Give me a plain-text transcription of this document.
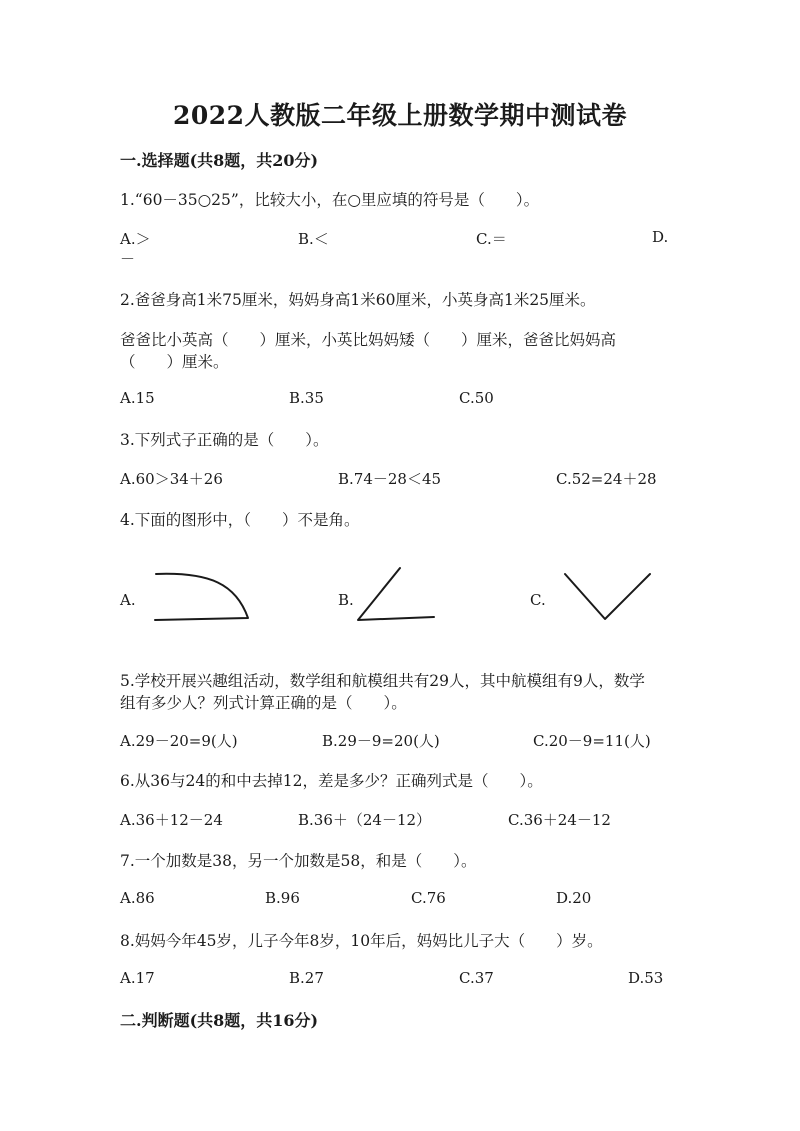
2022人教版二年级上册数学期中测试卷
一.选择题(共8题，共20分)
1.“60－35○25”，比较大小，在○里应填的符号是（　　）。
A.＞	B.＜	C.＝	D.
－
2.爸爸身高1米75厘米，妈妈身高1米60厘米，小英身高1米25厘米。
爸爸比小英高（　　）厘米，小英比妈妈矮（　　）厘米，爸爸比妈妈高
（　　）厘米。
A.15	B.35	C.50
3.下列式子正确的是（　　）。
A.60＞34＋26	B.74－28＜45	C.52=24＋28
4.下面的图形中，（　　）不是角。
A.	B.	C.
5.学校开展兴趣组活动，数学组和航模组共有29人，其中航模组有9人，数学
组有多少人？列式计算正确的是（　　）。
A.29－20=9(人)	B.29－9=20(人)	C.20－9=11(人)
6.从36与24的和中去掉12，差是多少？正确列式是（　　）。
A.36＋12－24	B.36＋（24－12）	C.36＋24－12
7.一个加数是38，另一个加数是58，和是（　　）。
A.86	B.96	C.76	D.20
8.妈妈今年45岁，儿子今年8岁，10年后，妈妈比儿子大（　　）岁。
A.17	B.27	C.37	D.53
二.判断题(共8题，共16分)
